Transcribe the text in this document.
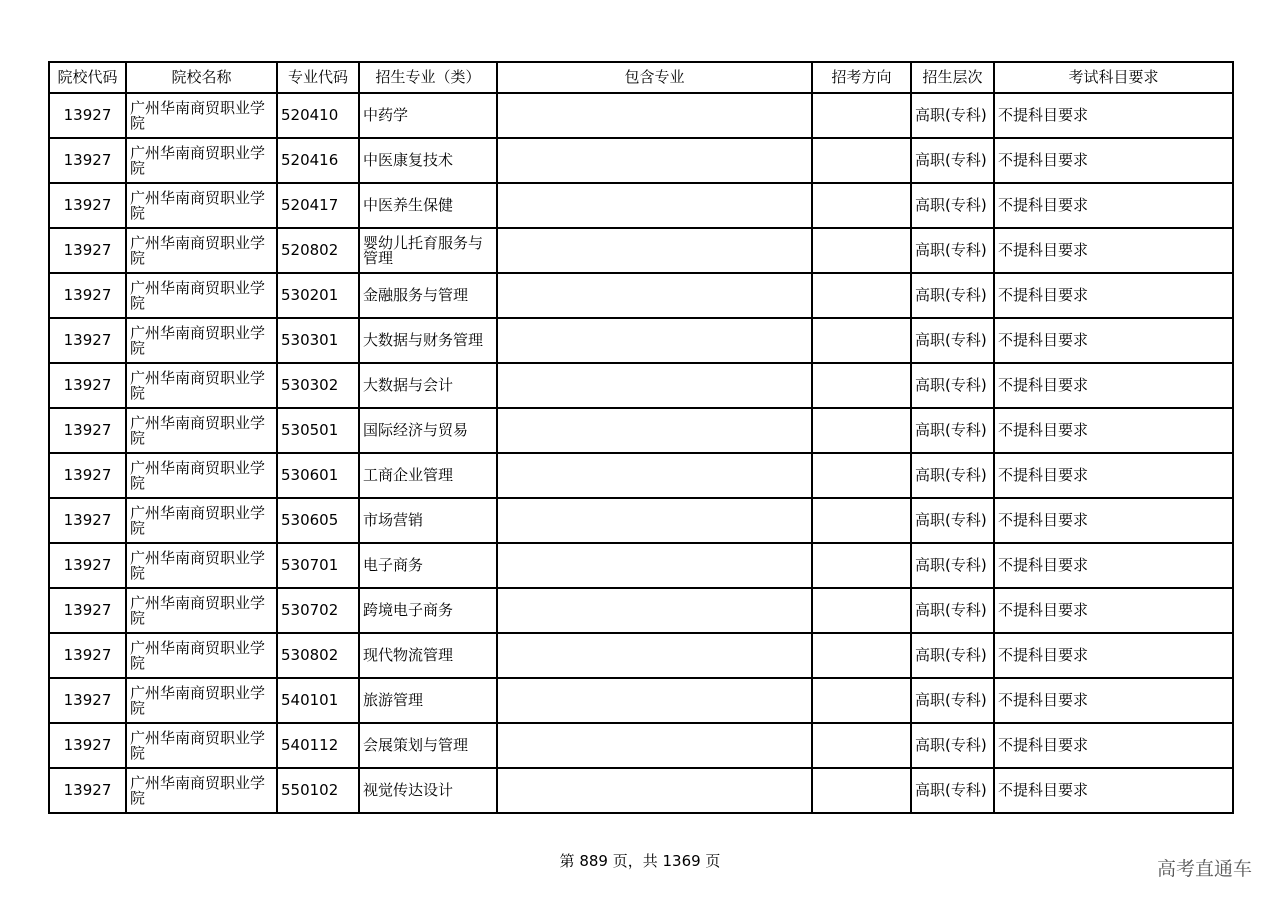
院校代码	院校名称	专业代码	招生专业（类）	包含专业	招考方向	招生层次	考试科目要求
13927	广州华南商贸职业学院	520410	中药学			高职(专科)	不提科目要求
13927	广州华南商贸职业学院	520416	中医康复技术			高职(专科)	不提科目要求
13927	广州华南商贸职业学院	520417	中医养生保健			高职(专科)	不提科目要求
13927	广州华南商贸职业学院	520802	婴幼儿托育服务与管理			高职(专科)	不提科目要求
13927	广州华南商贸职业学院	530201	金融服务与管理			高职(专科)	不提科目要求
13927	广州华南商贸职业学院	530301	大数据与财务管理			高职(专科)	不提科目要求
13927	广州华南商贸职业学院	530302	大数据与会计			高职(专科)	不提科目要求
13927	广州华南商贸职业学院	530501	国际经济与贸易			高职(专科)	不提科目要求
13927	广州华南商贸职业学院	530601	工商企业管理			高职(专科)	不提科目要求
13927	广州华南商贸职业学院	530605	市场营销			高职(专科)	不提科目要求
13927	广州华南商贸职业学院	530701	电子商务			高职(专科)	不提科目要求
13927	广州华南商贸职业学院	530702	跨境电子商务			高职(专科)	不提科目要求
13927	广州华南商贸职业学院	530802	现代物流管理			高职(专科)	不提科目要求
13927	广州华南商贸职业学院	540101	旅游管理			高职(专科)	不提科目要求
13927	广州华南商贸职业学院	540112	会展策划与管理			高职(专科)	不提科目要求
13927	广州华南商贸职业学院	550102	视觉传达设计			高职(专科)	不提科目要求
第 889 页，共 1369 页	高考直通车
